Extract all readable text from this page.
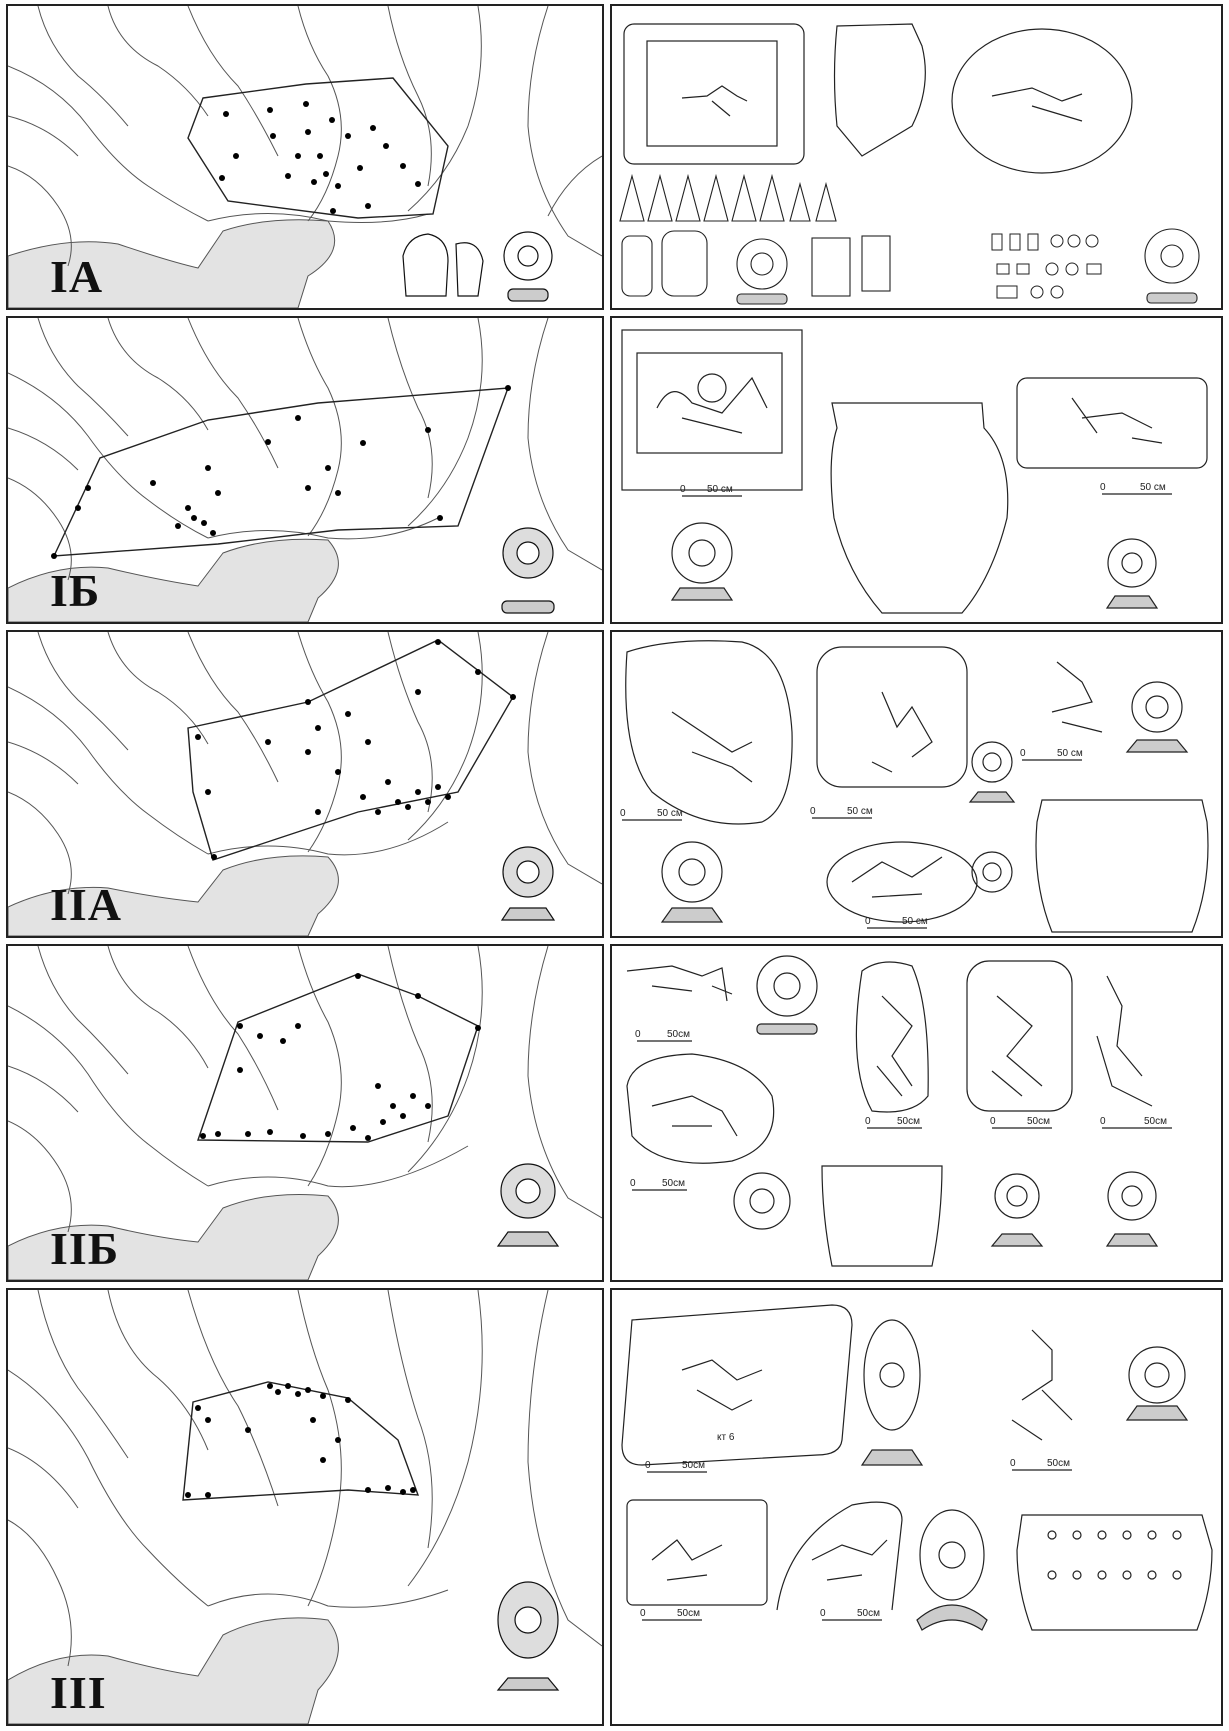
IA
IБ
0 50 см	0	50 см
IIA
0	50 см	0	50 см
0	50 см
0	50 см
IIБ
0	50см
0	50см	0	50см	0	50см
0	50см
III
0	50см	0	50см
0	50см	0	50см
кт 6
